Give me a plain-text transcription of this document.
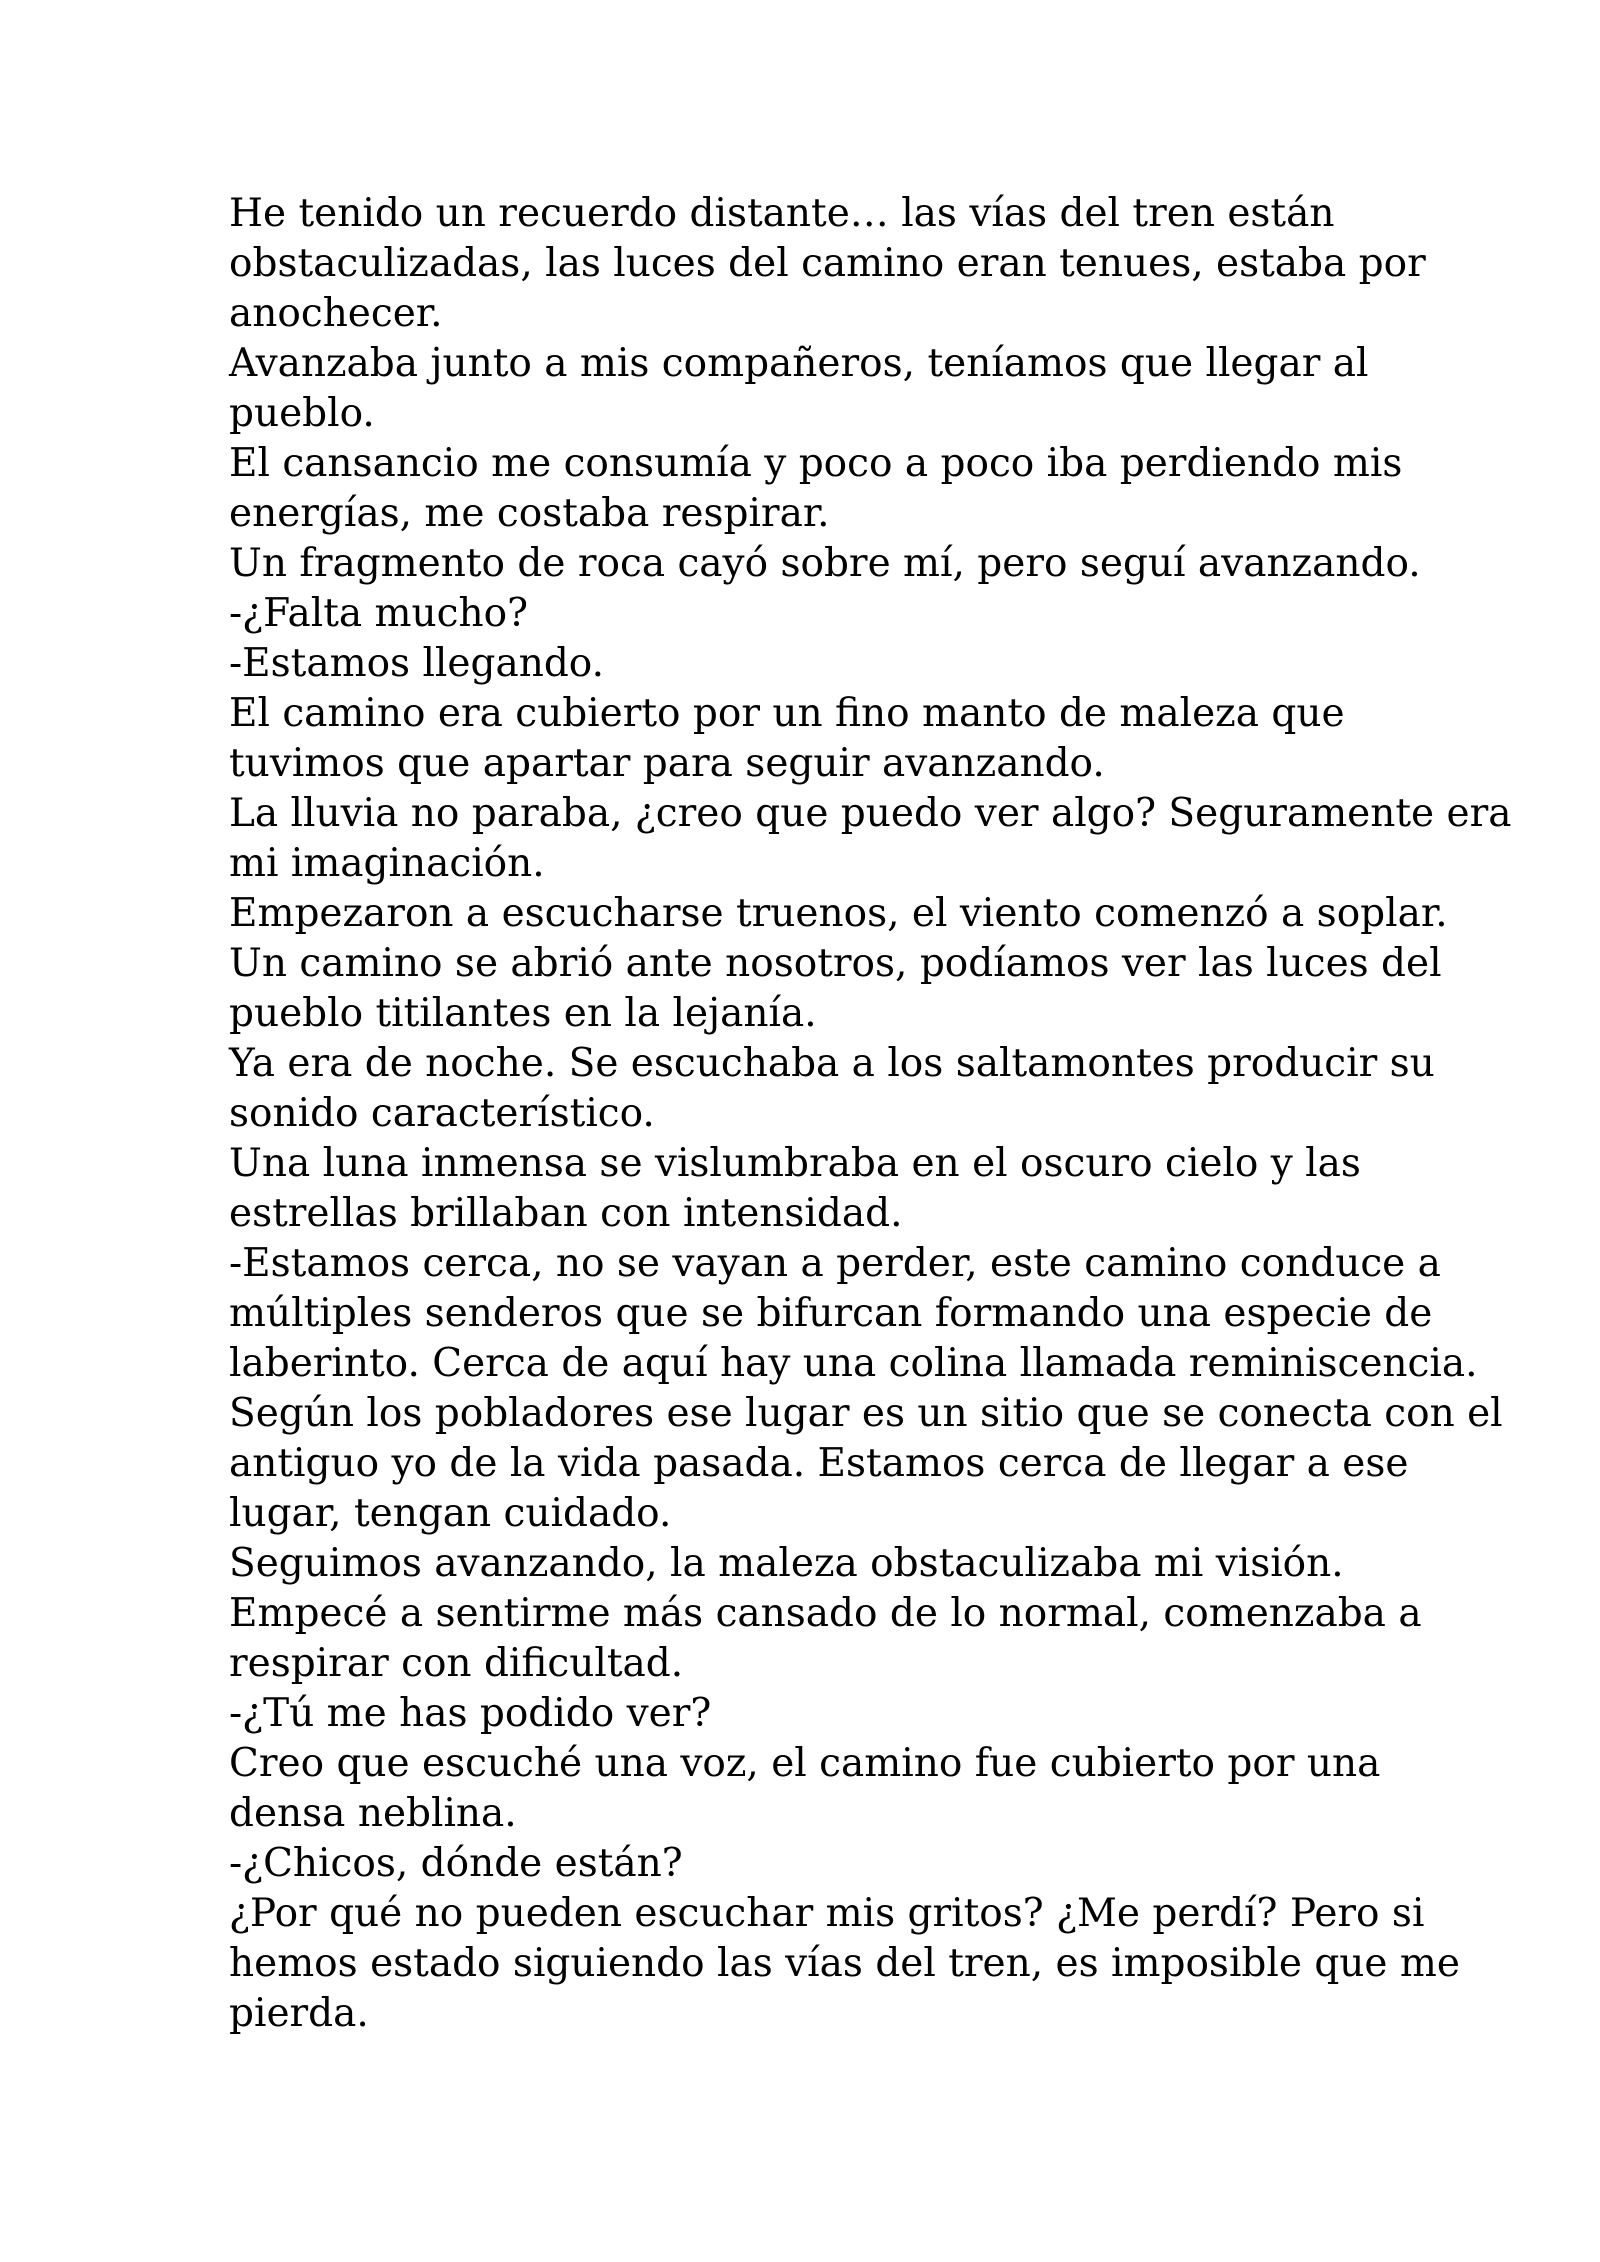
He tenido un recuerdo distante… las vías del tren están
obstaculizadas, las luces del camino eran tenues, estaba por
anochecer.
Avanzaba junto a mis compañeros, teníamos que llegar al
pueblo.
El cansancio me consumía y poco a poco iba perdiendo mis
energías, me costaba respirar.
Un fragmento de roca cayó sobre mí, pero seguí avanzando.
-¿Falta mucho?
-Estamos llegando.
El camino era cubierto por un fino manto de maleza que
tuvimos que apartar para seguir avanzando.
La lluvia no paraba, ¿creo que puedo ver algo? Seguramente era
mi imaginación.
Empezaron a escucharse truenos, el viento comenzó a soplar.
Un camino se abrió ante nosotros, podíamos ver las luces del
pueblo titilantes en la lejanía.
Ya era de noche. Se escuchaba a los saltamontes producir su
sonido característico.
Una luna inmensa se vislumbraba en el oscuro cielo y las
estrellas brillaban con intensidad.
-Estamos cerca, no se vayan a perder, este camino conduce a
múltiples senderos que se bifurcan formando una especie de
laberinto. Cerca de aquí hay una colina llamada reminiscencia.
Según los pobladores ese lugar es un sitio que se conecta con el
antiguo yo de la vida pasada. Estamos cerca de llegar a ese
lugar, tengan cuidado.
Seguimos avanzando, la maleza obstaculizaba mi visión.
Empecé a sentirme más cansado de lo normal, comenzaba a
respirar con dificultad.
-¿Tú me has podido ver?
Creo que escuché una voz, el camino fue cubierto por una
densa neblina.
-¿Chicos, dónde están?
¿Por qué no pueden escuchar mis gritos? ¿Me perdí? Pero si
hemos estado siguiendo las vías del tren, es imposible que me
pierda.
